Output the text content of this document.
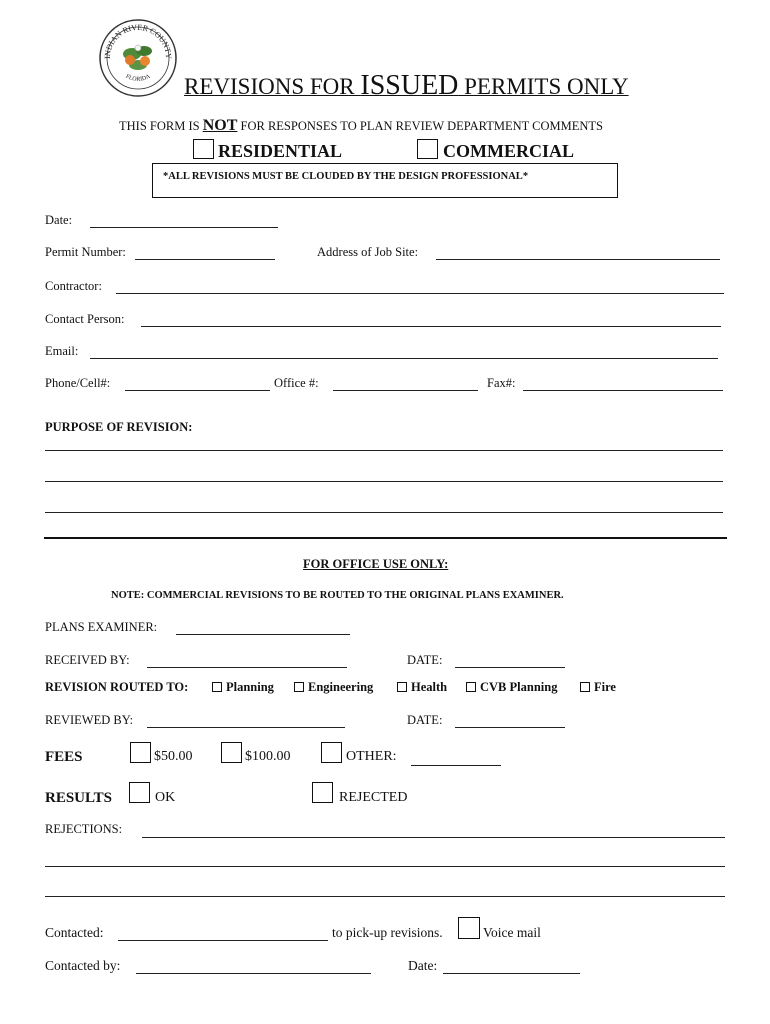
INDIAN RIVER COUNTY
FLORIDA REVISIONS FOR ISSUED PERMITS ONLY
THIS FORM IS NOT FOR RESPONSES TO PLAN REVIEW DEPARTMENT COMMENTS
RESIDENTIAL	COMMERCIAL
*ALL REVISIONS MUST BE CLOUDED BY THE DESIGN PROFESSIONAL*
Date:
Permit Number:	Address of Job Site:
Contractor:
Contact Person:
Email:
Phone/Cell#:	Office #:	Fax#:
PURPOSE OF REVISION:
FOR OFFICE USE ONLY:
NOTE: COMMERCIAL REVISIONS TO BE ROUTED TO THE ORIGINAL PLANS EXAMINER.
PLANS EXAMINER:
RECEIVED BY:	DATE:
REVISION ROUTED TO:	Planning	Engineering	Health	CVB Planning	Fire
REVIEWED BY:	DATE:
FEES	$50.00	$100.00	OTHER:
RESULTS	OK	REJECTED
REJECTIONS:
Contacted:	to pick-up revisions.	Voice mail
Contacted by:	Date:
